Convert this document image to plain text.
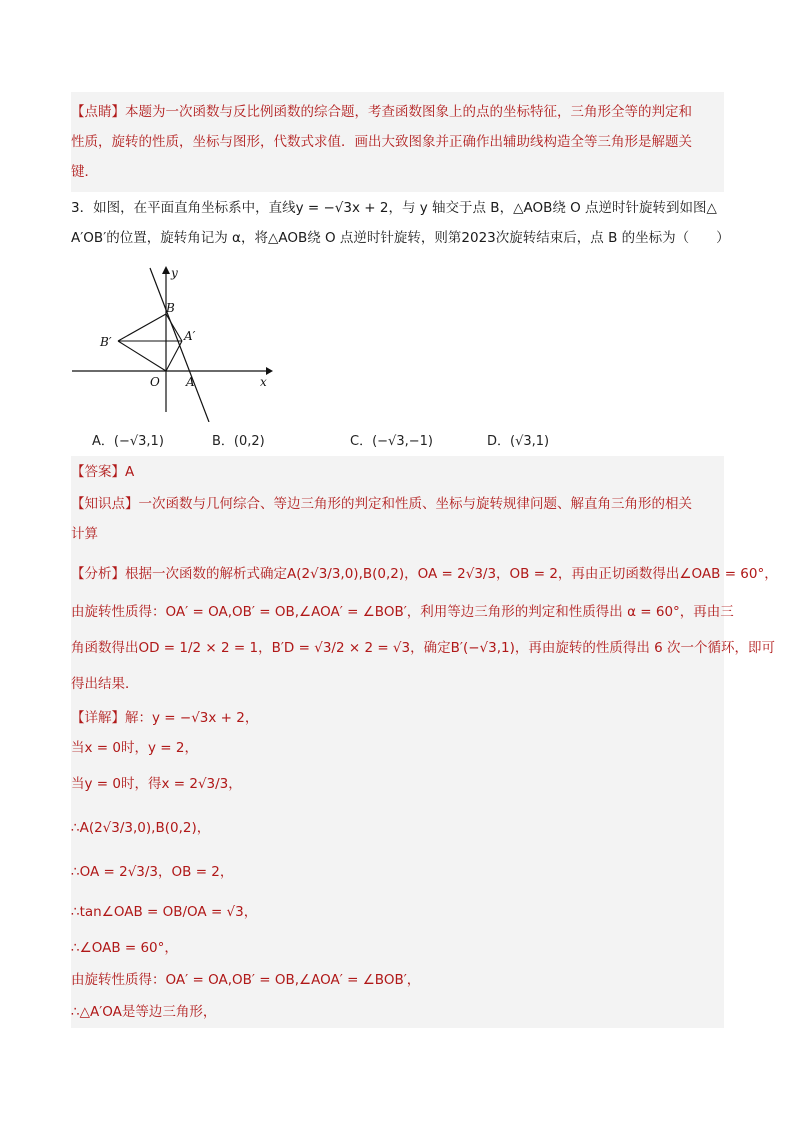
【点睛】本题为一次函数与反比例函数的综合题，考查函数图象上的点的坐标特征，三角形全等的判定和
性质，旋转的性质，坐标与图形，代数式求值．画出大致图象并正确作出辅助线构造全等三角形是解题关
键．
3．如图，在平面直角坐标系中，直线y = −√3x + 2，与 y 轴交于点 B，△AOB绕 O 点逆时针旋转到如图△
A′OB′的位置，旋转角记为 α，将△AOB绕 O 点逆时针旋转，则第2023次旋转结束后，点 B 的坐标为（　　）
y
x
B
A′
B′
O A
A．(−√3,1)	B．(0,2)	C．(−√3,−1)	D．(√3,1)
【答案】A
【知识点】一次函数与几何综合、等边三角形的判定和性质、坐标与旋转规律问题、解直角三角形的相关
计算
【分析】根据一次函数的解析式确定A(2√3/3,0),B(0,2)，OA = 2√3/3，OB = 2，再由正切函数得出∠OAB = 60°，
由旋转性质得：OA′ = OA,OB′ = OB,∠AOA′ = ∠BOB′，利用等边三角形的判定和性质得出 α = 60°，再由三
角函数得出OD = 1/2 × 2 = 1，B′D = √3/2 × 2 = √3，确定B′(−√3,1)，再由旋转的性质得出 6 次一个循环，即可
得出结果．
【详解】解：y = −√3x + 2，
当x = 0时，y = 2，
当y = 0时，得x = 2√3/3，
∴A(2√3/3,0),B(0,2)，
∴OA = 2√3/3，OB = 2，
∴tan∠OAB = OB/OA = √3，
∴∠OAB = 60°，
由旋转性质得：OA′ = OA,OB′ = OB,∠AOA′ = ∠BOB′，
∴△A′OA是等边三角形，
